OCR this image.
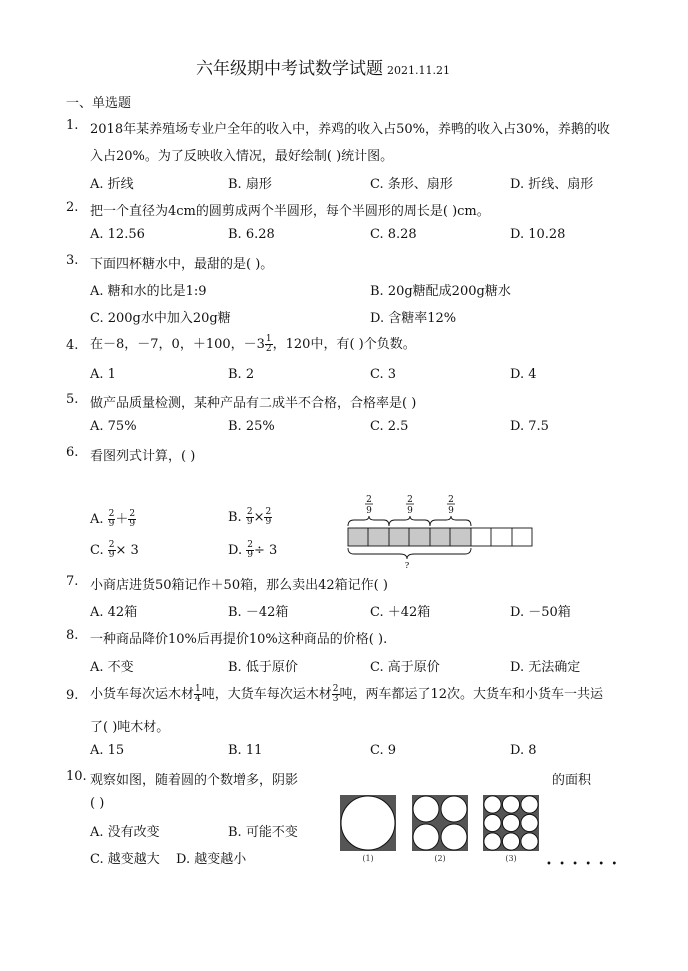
六年级期中考试数学试题 2021.11.21
一、单选题
1. 2018年某养殖场专业户全年的收入中，养鸡的收入占50%，养鸭的收入占30%，养鹅的收
入占20%。为了反映收入情况，最好绘制( )统计图。
A. 折线	B. 扇形	C. 条形、扇形	D. 折线、扇形
2. 把一个直径为4cm的圆剪成两个半圆形，每个半圆形的周长是( )cm。
A. 12.56	B. 6.28	C. 8.28	D. 10.28
3. 下面四杯糖水中，最甜的是( )。
A. 糖和水的比是1:9	B. 20g糖配成200g糖水
C. 200g水中加入20g糖	D. 含糖率12%
4. 在－8，－7，0，＋100，$-3 \frac{1}{2}$ ，120中，有( )个负数。
A. 1	B. 2	C. 3	D. 4
5. 做产品质量检测，某种产品有二成半不合格，合格率是( )
A. 75%	B. 25%	C. 2.5	D. 7.5
6. 看图列式计算，( )
A. $\frac{2}{9} + \frac{2}{9}$	B. $\frac{2}{9} \times \frac{2}{9}$
C. $\frac{2}{9} \times 3$	D. $\frac{2}{9} \div 3$
2
9
2
9
2
9
?
7. 小商店进货50箱记作＋50箱，那么卖出42箱记作( )
A. 42箱	B. －42箱	C. ＋42箱	D. －50箱
8. 一种商品降价10%后再提价10%这种商品的价格( ).
A. 不变	B. 低于原价	C. 高于原价	D. 无法确定
9. 小货车每次运木材 $\frac{1}{4}$ 吨，大货车每次运木材 $\frac{2}{3}$ 吨，两车都运了12次。大货车和小货车一共运
了( )吨木材。
A. 15	B. 11	C. 9	D. 8
10. 观察如图，随着圆的个数增多，阴影	的面积
( )
A. 没有改变	B. 可能不变
C. 越变越大 D. 越变越小	(1)	(2)	(3)
• • • • • •
